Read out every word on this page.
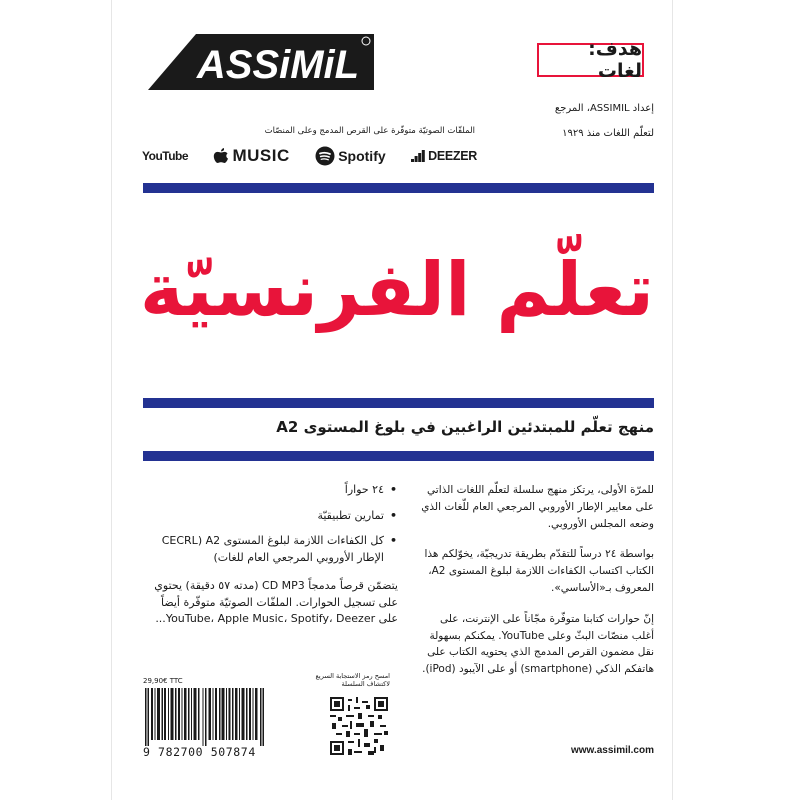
ASSiMiL	هدف: لغات
إعداد ASSIMIL، المرجع
لتعلّم اللغات منذ ١٩٢٩
الملفّات الصوتيّة متوفّرة على القرص المدمج وعلى المنصّات
YouTube	MUSIC	Spotify	DEEZER
تعلّم الفرنسيّة
منهج تعلّم للمبتدئين الراغبين في بلوغ المستوى A2
• ٢٤ حواراً
• تمارين تطبيقيّة
• كل الكفاءات اللازمة لبلوغ المستوى A2 (CECRL الإطار الأوروبي المرجعي العام للغات)
يتضمّن قرصاً مدمجاً CD MP3 (مدته ٥٧ دقيقة) يحتوي على تسجيل الحوارات. الملفّات الصوتيّة متوفّرة أيضاً على YouTube، Apple Music، Spotify، Deezer...

للمرّة الأولى، يرتكز منهج سلسلة لتعلّم اللغات الذاتي على معايير الإطار الأوروبي المرجعي العام للّغات الذي وضعه المجلس الأوروبي.

بواسطة ٢٤ درساً للتقدّم بطريقة تدريجيّة، يخوّلكم هذا الكتاب اكتساب الكفاءات اللازمة لبلوغ المستوى A2، المعروف بـ«الأساسي».

إنّ حوارات كتابنا متوفّرة مجّاناً على الإنترنت، على أغلب منصّات البثّ وعلى YouTube. يمكنكم بسهولة نقل مضمون القرص المدمج الذي يحتويه الكتاب على هاتفكم الذكي (smartphone) أو على الآيبود (iPod).

29,90€ TTC
امسح رمز الاستجابة السريع لاكتشاف السلسلة
9 782700 507874	www.assimil.com
